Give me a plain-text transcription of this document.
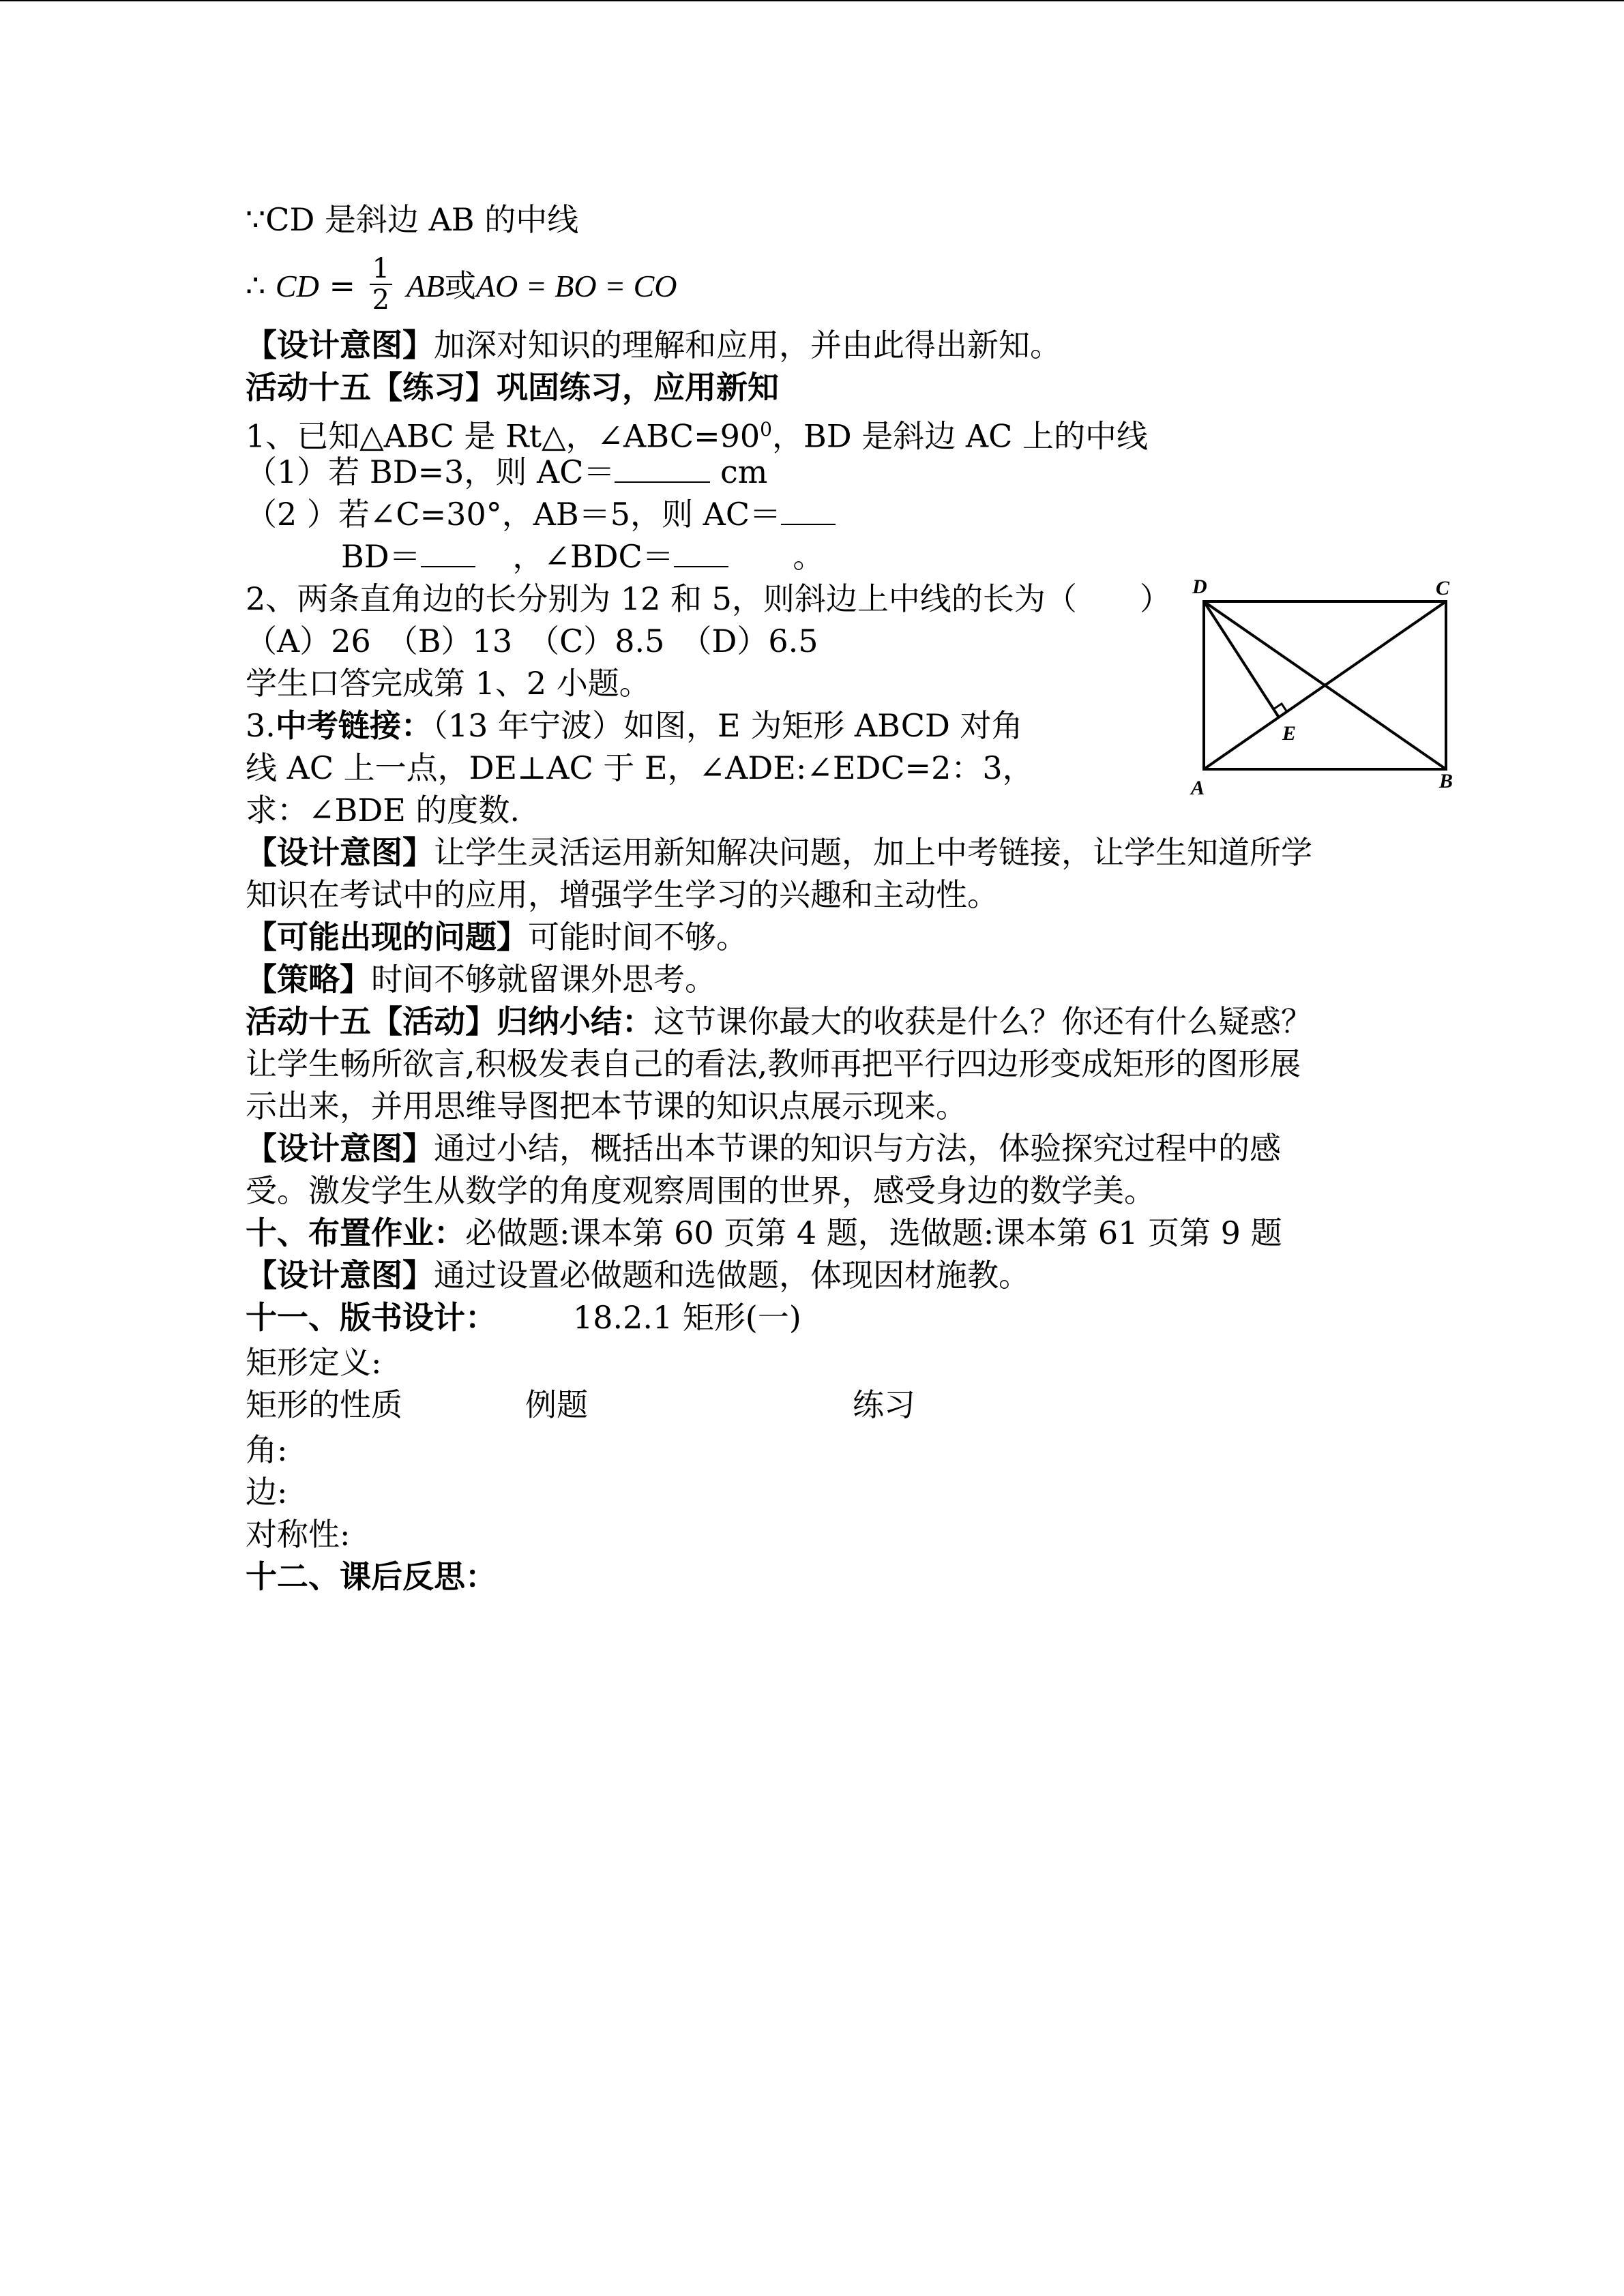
∵CD 是斜边 AB 的中线
∴ CD = $\frac{1}{2}$ AB或AO = BO = CO
【设计意图】加深对知识的理解和应用，并由此得出新知。
活动十五【练习】巩固练习，应用新知
1、已知△ABC 是 Rt△，$\angle ABC=90^0$，BD 是斜边 AC 上的中线
（1）若 BD=3，则 AC＝	cm
（2 ）若∠C=30°，AB＝5，则 AC＝
BD＝	，∠BDC＝	。
2、两条直角边的长分别为 12 和 5，则斜边上中线的长为（　　）
（A）26　（B）13　（C）8.5　（D）6.5
学生口答完成第 1、2 小题。
3.中考链接：（13 年宁波）如图，E 为矩形 ABCD 对角
线 AC 上一点，DE⊥AC 于 E，∠ADE:∠EDC=2：3，
求：∠BDE 的度数.
D	C
E
A	B
【设计意图】让学生灵活运用新知解决问题，加上中考链接，让学生知道所学
知识在考试中的应用，增强学生学习的兴趣和主动性。
【可能出现的问题】可能时间不够。
【策略】时间不够就留课外思考。
活动十五【活动】归纳小结：这节课你最大的收获是什么？你还有什么疑惑？
让学生畅所欲言,积极发表自己的看法,教师再把平行四边形变成矩形的图形展
示出来，并用思维导图把本节课的知识点展示现来。
【设计意图】通过小结，概括出本节课的知识与方法，体验探究过程中的感
受。激发学生从数学的角度观察周围的世界，感受身边的数学美。
十、布置作业：必做题:课本第 60 页第 4 题，选做题:课本第 61 页第 9 题
【设计意图】通过设置必做题和选做题，体现因材施教。
十一、版书设计： 18.2.1 矩形(一)
矩形定义:
矩形的性质	例题	练习
角:
边:
对称性:
十二、课后反思：
